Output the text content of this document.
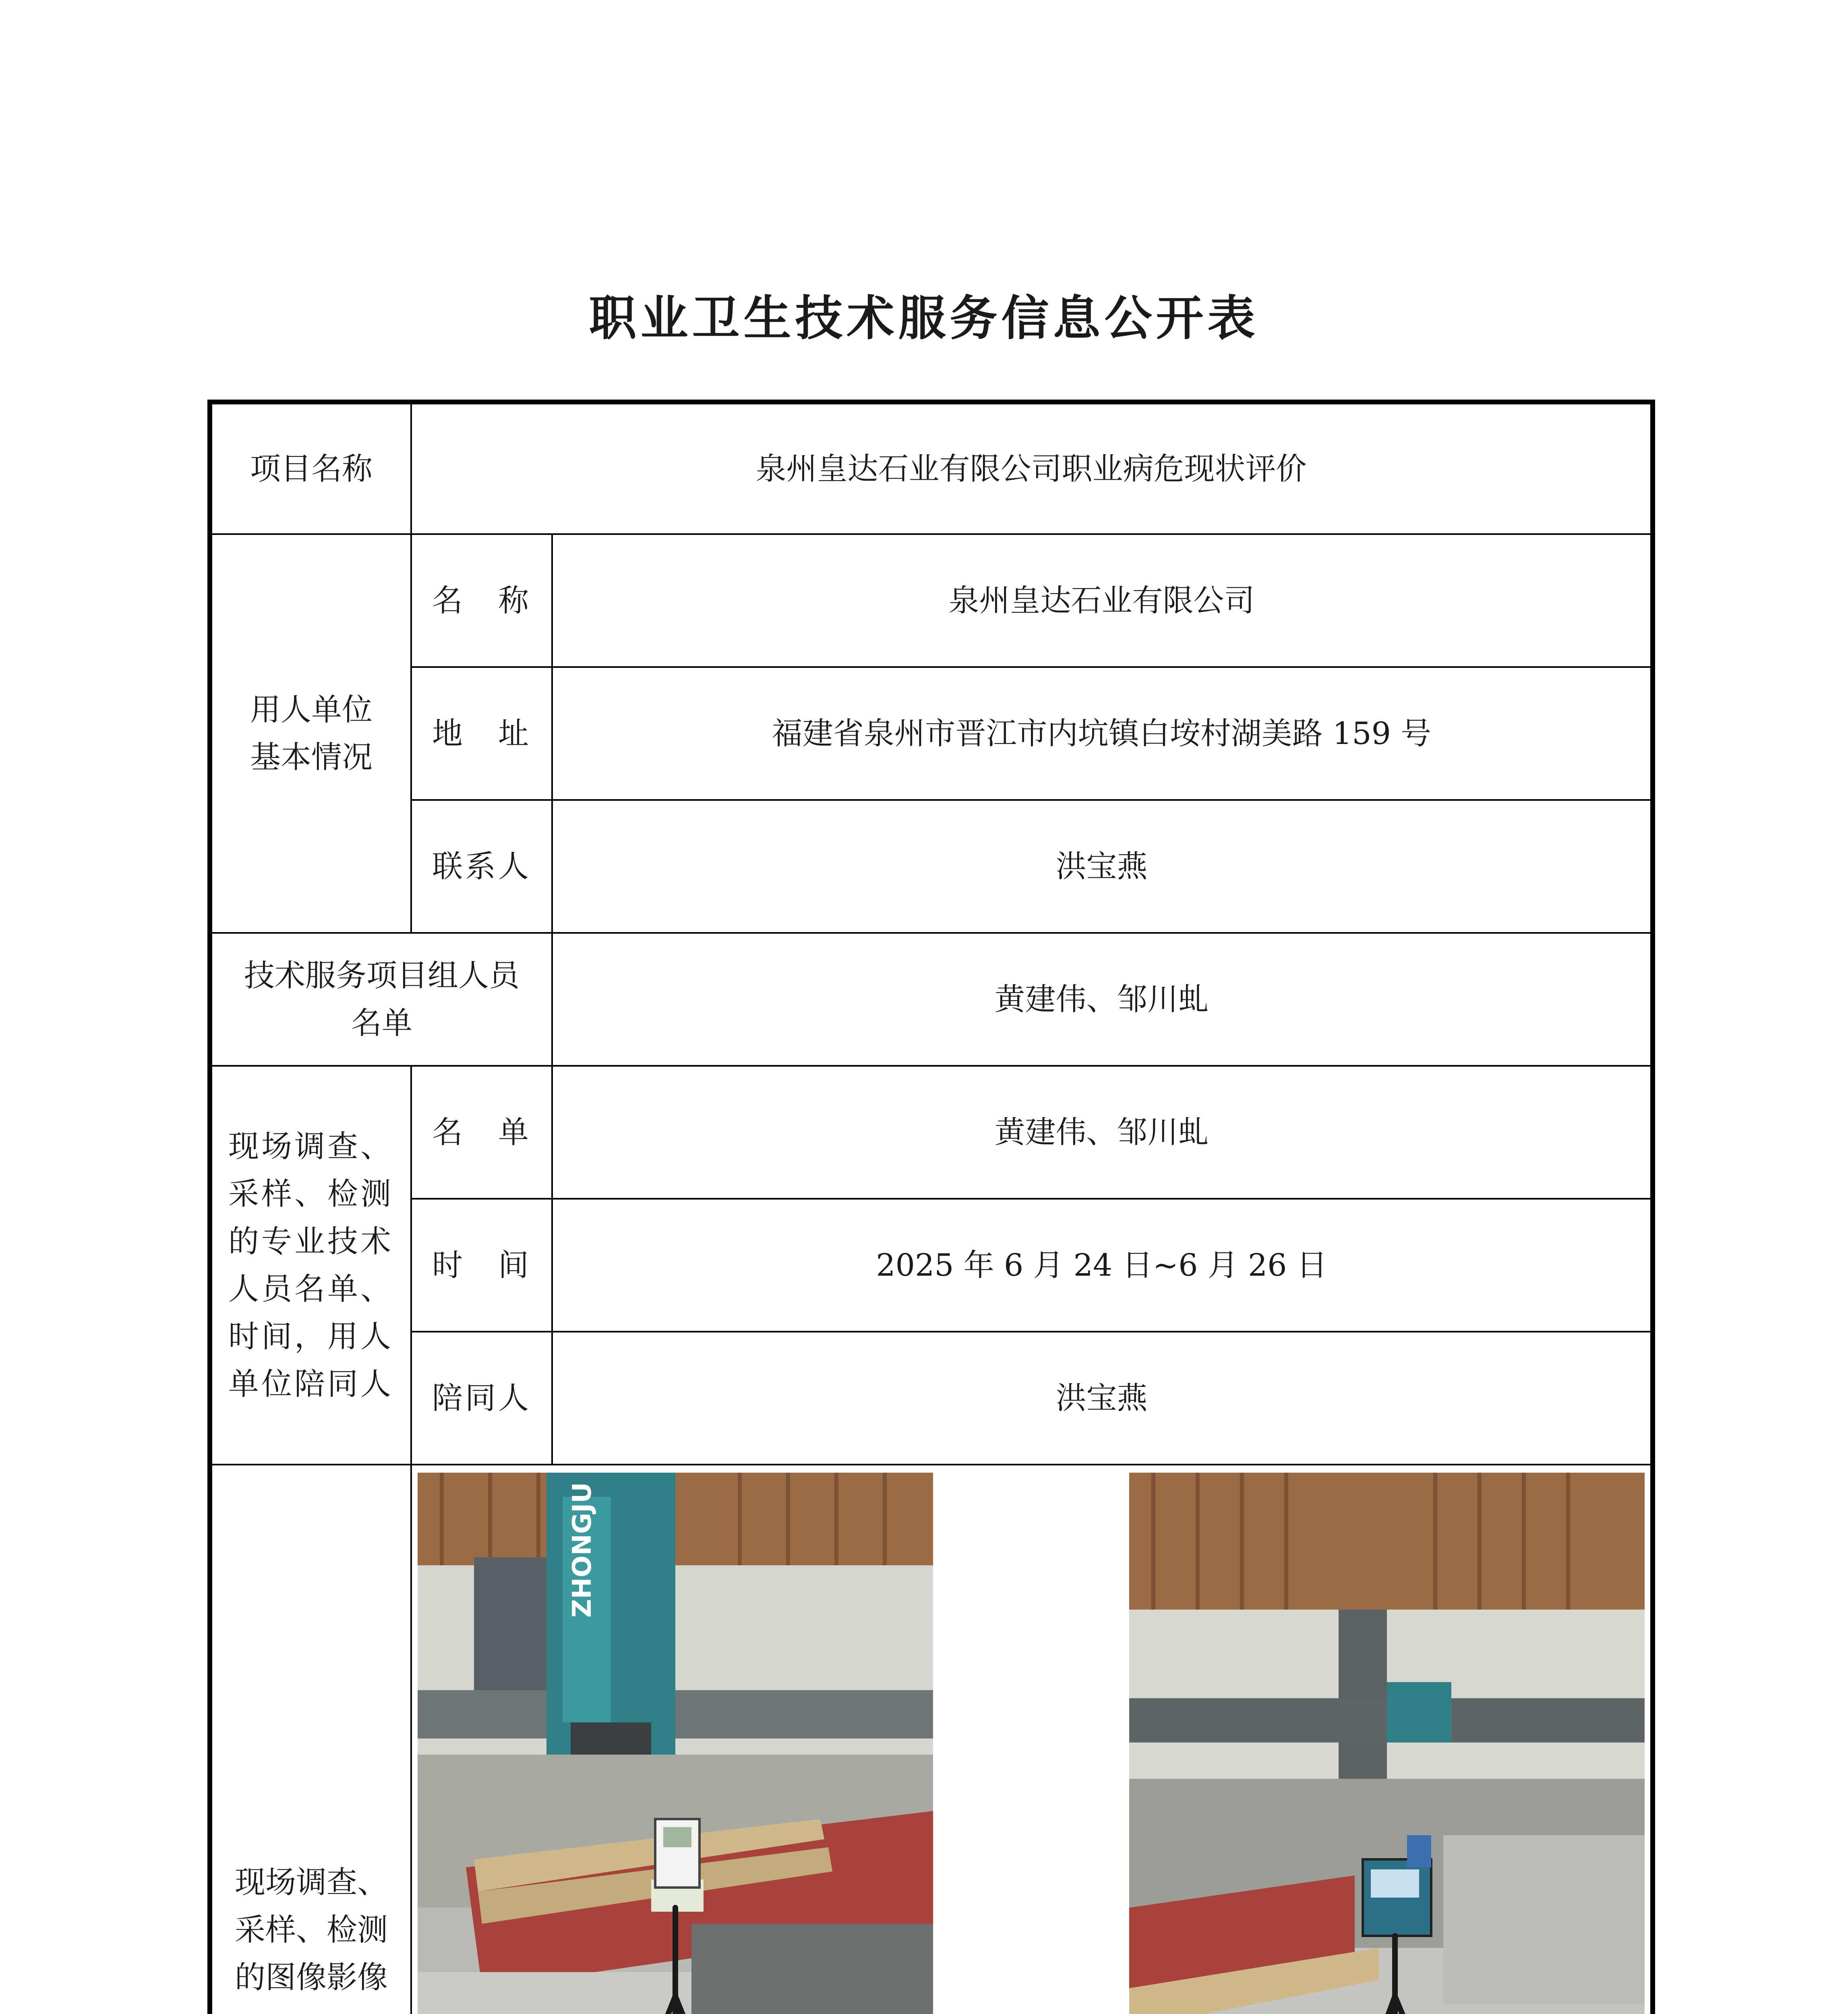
职业卫生技术服务信息公开表
项目名称	泉州皇达石业有限公司职业病危现状评价	
用人单位基本情况	名　称	泉州皇达石业有限公司
	地　址	福建省泉州市晋江市内坑镇白垵村湖美路 159 号
	联系人	洪宝燕
技术服务项目组人员名单		黄建伟、邹川虬
现场调查、采样、检测的专业技术人员名单、时间，用人单位陪同人	名　单	黄建伟、邹川虬
	时　间	2025 年 6 月 24 日~6 月 26 日
	陪同人	洪宝燕
现场调查、采样、检测的图像影像	ZHONGJU	
